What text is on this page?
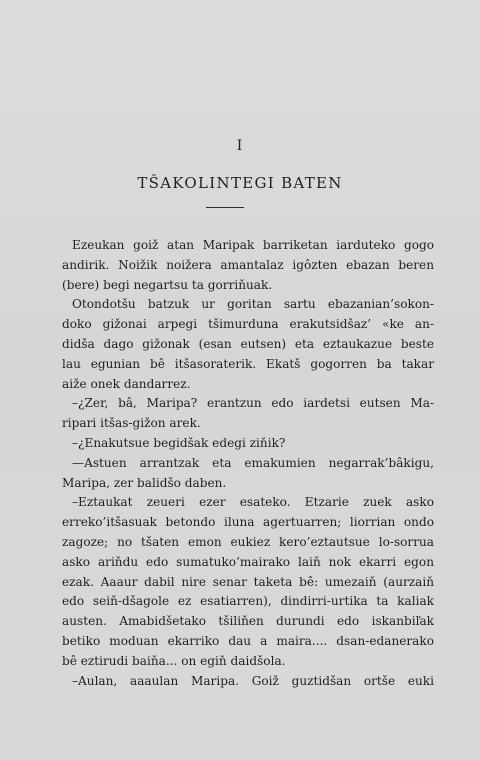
I
TŠAKOLINTEGI BATEN
Ezeukan goiž atan Maripak barriketan iarduteko gogo
andirik. Noižik noižera amantalaz igôzten ebazan beren
(bere) begi negartsu ta gorriňuak.
Otondotšu batzuk ur goritan sartu ebazanian’sokon-
doko gižonai arpegi tšimurduna erakutsidšaz’ «ke an-
didša dago gižonak (esan eutsen) eta eztaukazue beste
lau egunian bê itšasoraterik. Ekatš gogorren ba takar
aiže onek dandarrez.
–¿Zer, bâ, Maripa? erantzun edo iardetsi eutsen Ma-
ripari itšas-gižon arek.
–¿Enakutsue begidšak edegi ziňik?
—Astuen arrantzak eta emakumien negarrak’bâkigu,
Maripa, zer balidšo daben.
–Eztaukat zeueri ezer esateko. Etzarie zuek asko
erreko’itšasuak betondo iluna agertuarren; liorrian ondo
zagoze; no tšaten emon eukiez kero’eztautsue lo-sorrua
asko ariňdu edo sumatuko’mairako laiň nok ekarri egon
ezak. Aaaur dabil nire senar taketa bê: umezaiň (aurzaiň
edo seiň-dšagole ez esatiarren), dindirri-urtika ta kaliak
austen. Amabidšetako tšiliňen durundi edo iskanbiľak
betiko moduan ekarriko dau a maira.... dsan-edanerako
bê eztirudi baiňa... on egiň daidšola.
–Aulan, aaaulan Maripa. Goiž guztidšan ortše euki
